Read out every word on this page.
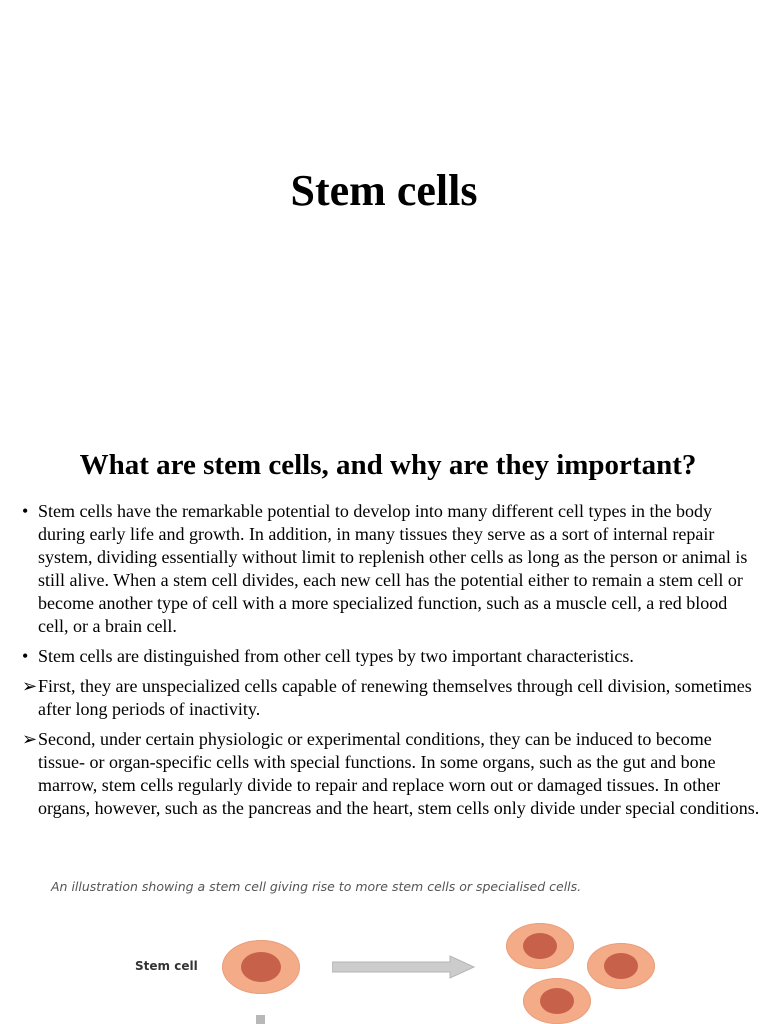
Stem cells
What are stem cells, and why are they important?

• Stem cells have the remarkable potential to develop into many different cell types in the body during early life and growth. In addition, in many tissues they serve as a sort of internal repair system, dividing essentially without limit to replenish other cells as long as the person or animal is still alive. When a stem cell divides, each new cell has the potential either to remain a stem cell or become another type of cell with a more specialized function, such as a muscle cell, a red blood cell, or a brain cell.

• Stem cells are distinguished from other cell types by two important characteristics.

➢ First, they are unspecialized cells capable of renewing themselves through cell division, sometimes after long periods of inactivity.

➢ Second, under certain physiologic or experimental conditions, they can be induced to become tissue- or organ-specific cells with special functions. In some organs, such as the gut and bone marrow, stem cells regularly divide to repair and replace worn out or damaged tissues. In other organs, however, such as the pancreas and the heart, stem cells only divide under special conditions.

An illustration showing a stem cell giving rise to more stem cells or specialised cells.
Stem cell
